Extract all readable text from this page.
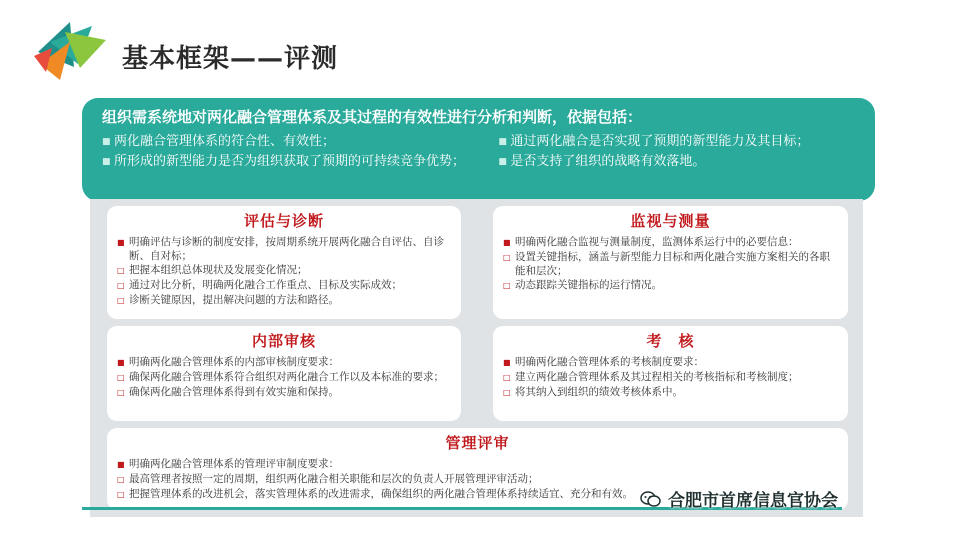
基本框架——评测
组织需系统地对两化融合管理体系及其过程的有效性进行分析和判断，依据包括：
■ 两化融合管理体系的符合性、有效性；
■ 所形成的新型能力是否为组织获取了预期的可持续竞争优势；
■ 通过两化融合是否实现了预期的新型能力及其目标；
■ 是否支持了组织的战略有效落地。
评估与诊断
■ 明确评估与诊断的制度安排，按周期系统开展两化融合自评估、自诊断、自对标；
□ 把握本组织总体现状及发展变化情况；
□ 通过对比分析，明确两化融合工作重点、目标及实际成效；
□ 诊断关键原因，提出解决问题的方法和路径。
监视与测量
■ 明确两化融合监视与测量制度，监测体系运行中的必要信息：
□ 设置关键指标，涵盖与新型能力目标和两化融合实施方案相关的各职能和层次；
□ 动态跟踪关键指标的运行情况。
内部审核
■ 明确两化融合管理体系的内部审核制度要求：
□ 确保两化融合管理体系符合组织对两化融合工作以及本标准的要求；
□ 确保两化融合管理体系得到有效实施和保持。
考　核
■ 明确两化融合管理体系的考核制度要求：
□ 建立两化融合管理体系及其过程相关的考核指标和考核制度；
□ 将其纳入到组织的绩效考核体系中。
管理评审
■ 明确两化融合管理体系的管理评审制度要求：
□ 最高管理者按照一定的周期，组织两化融合相关职能和层次的负责人开展管理评审活动；
□ 把握管理体系的改进机会，落实管理体系的改进需求，确保组织的两化融合管理体系持续适宜、充分和有效。 合肥市首席信息官协会
